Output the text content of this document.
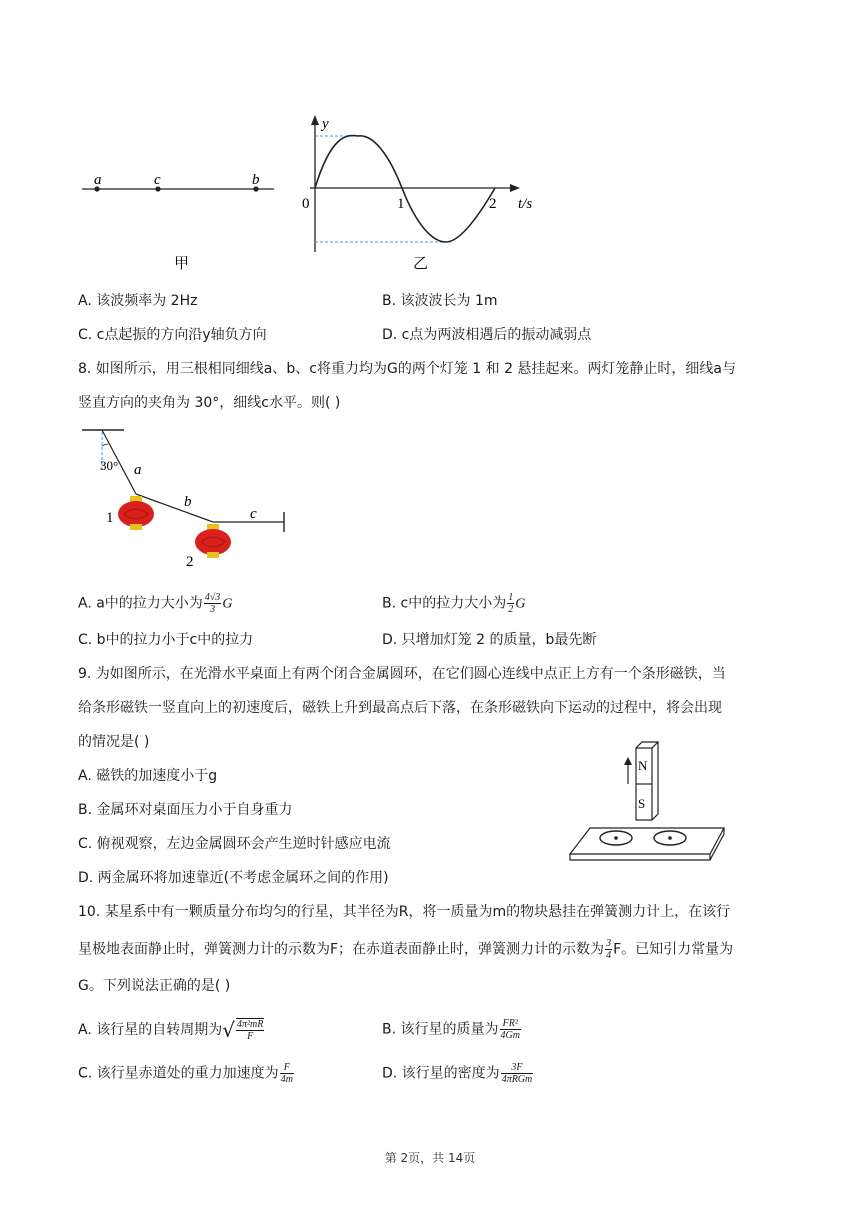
a	c	b
甲
y
t/s
0	1	2
乙
A. 该波频率为 2Hz	B. 该波波长为 1m
C. c点起振的方向沿y轴负方向	D. c点为两波相遇后的振动减弱点
8. 如图所示，用三根相同细线a、b、c将重力均为G的两个灯笼 1 和 2 悬挂起来。两灯笼静止时，细线a与
竖直方向的夹角为 30°，细线c水平。则( )
30° a
b
c
1
2
A. a中的拉力大小为 $\frac{4√3}{3}$ G	B. c中的拉力大小为 $\frac{1}{2}$ G
C. b中的拉力小于c中的拉力	D. 只增加灯笼 2 的质量，b最先断
9. 为如图所示，在光滑水平桌面上有两个闭合金属圆环，在它们圆心连线中点正上方有一个条形磁铁，当
给条形磁铁一竖直向上的初速度后，磁铁上升到最高点后下落，在条形磁铁向下运动的过程中，将会出现
的情况是( )
A. 磁铁的加速度小于g
B. 金属环对桌面压力小于自身重力
C. 俯视观察，左边金属圆环会产生逆时针感应电流
D. 两金属环将加速靠近(不考虑金属环之间的作用)
N
S
10. 某星系中有一颗质量分布均匀的行星，其半径为R，将一质量为m的物块悬挂在弹簧测力计上，在该行
星极地表面静止时，弹簧测力计的示数为F；在赤道表面静止时，弹簧测力计的示数为 $\frac{3}{4}$ F。已知引力常量为
G。下列说法正确的是( )
A. 该行星的自转周期为√ $\frac{\text{4π²mR}}{F}$	B. 该行星的质量为 $\frac{\text{FR²}}{4Gm}$
C. 该行星赤道处的重力加速度为 $\frac{F}{4m}$	D. 该行星的密度为 $\frac{3F}{\text{4πRGm}}$
第 2页，共 14页
